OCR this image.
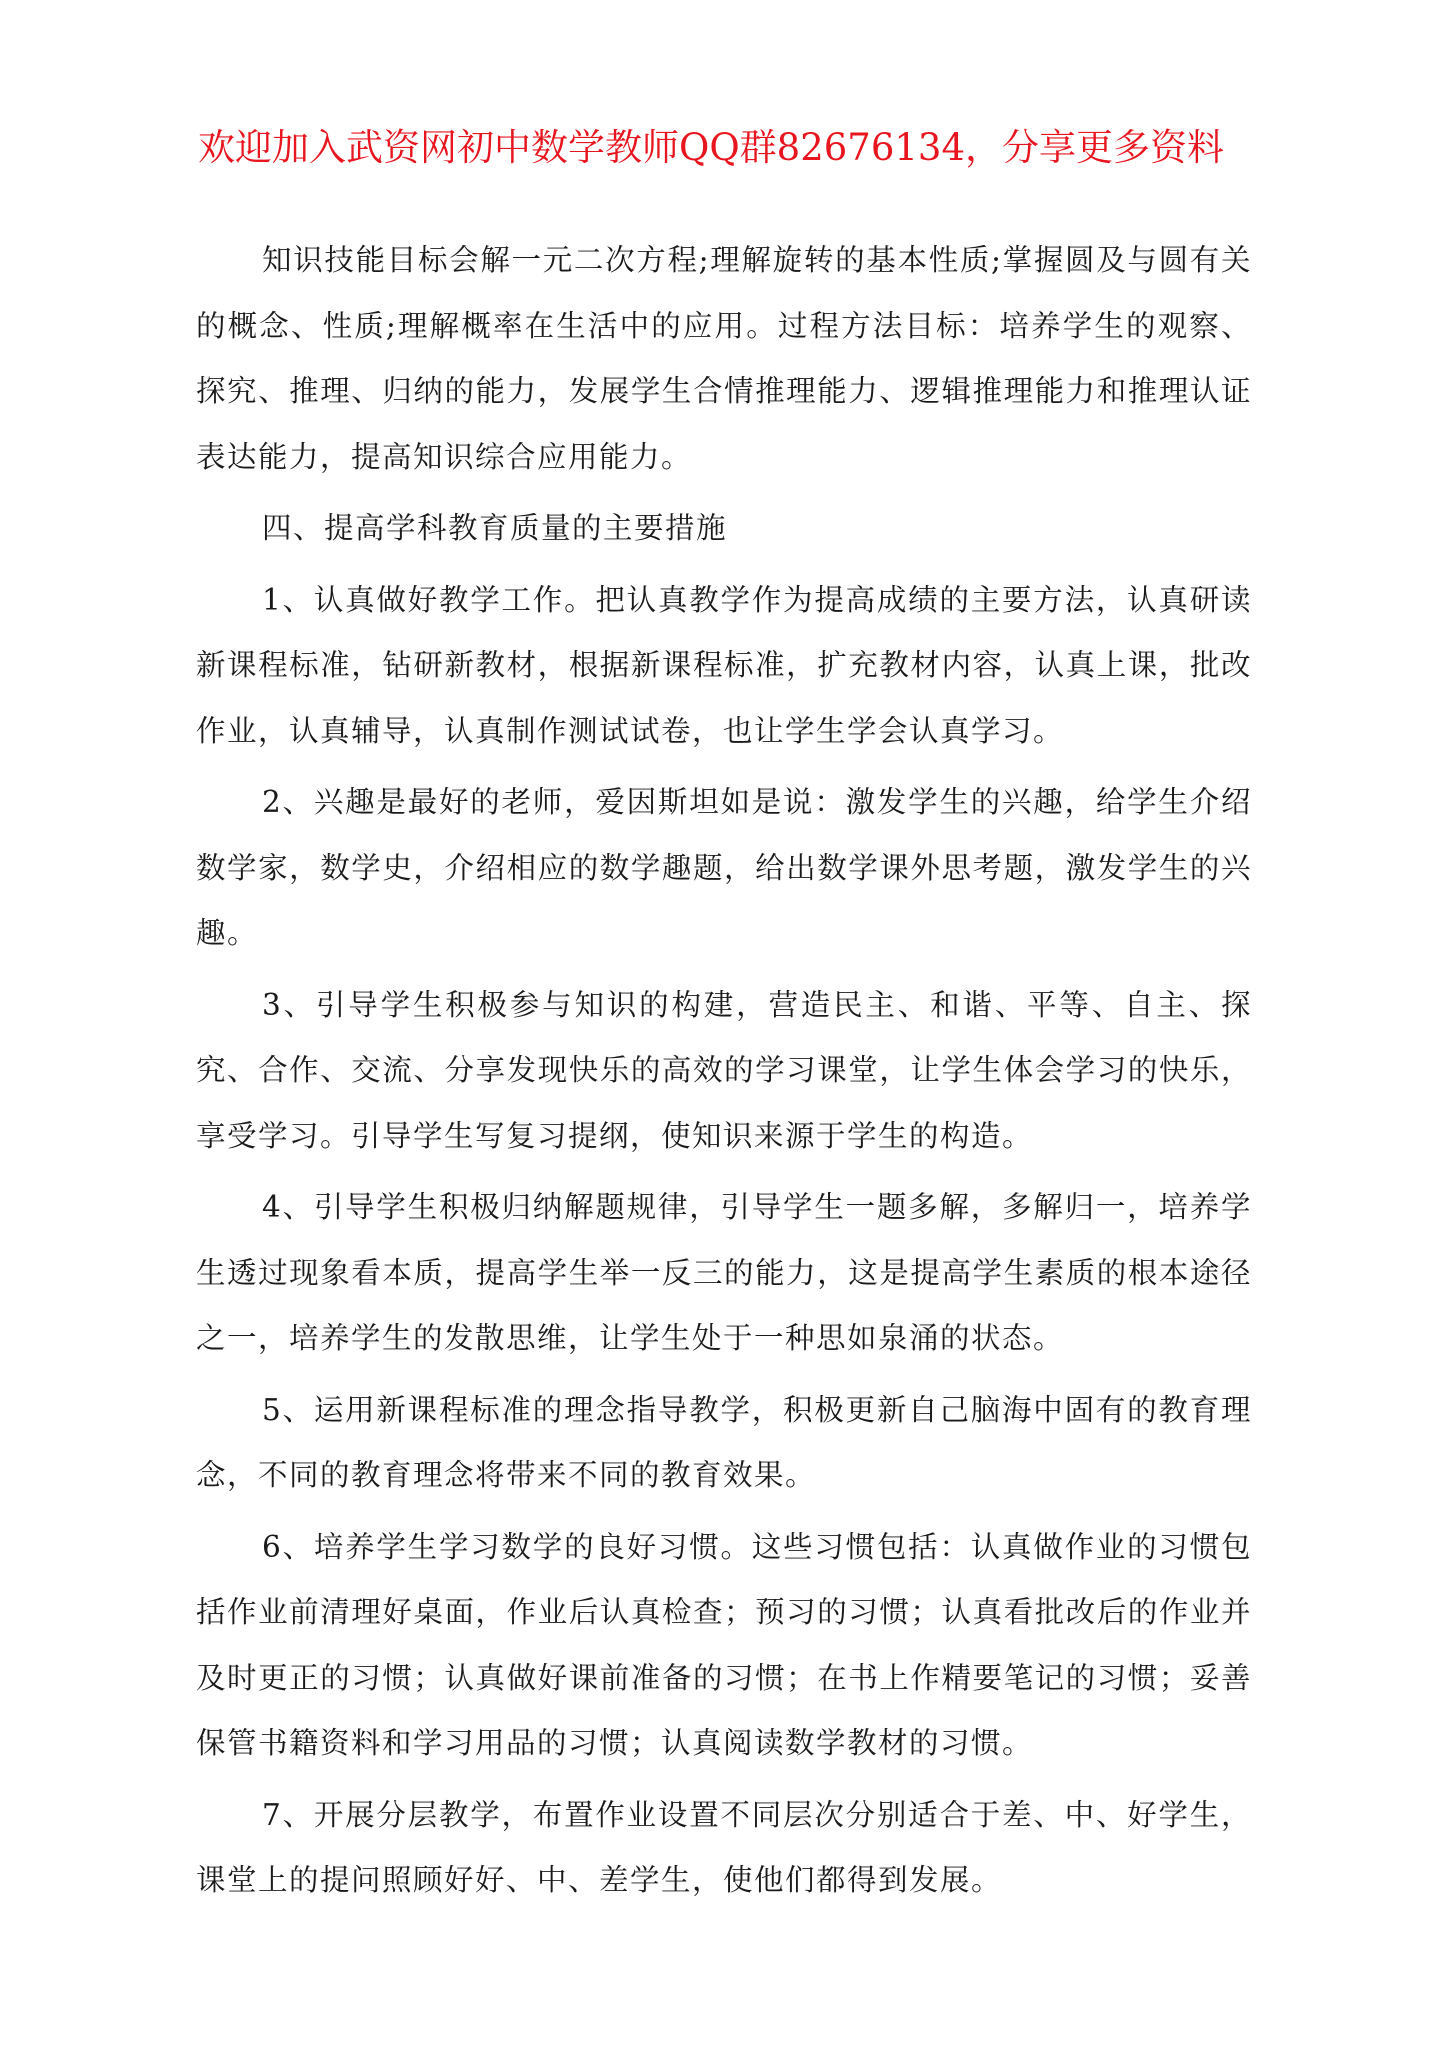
欢迎加入武资网初中数学教师QQ群82676134，分享更多资料

知识技能目标会解一元二次方程;理解旋转的基本性质;掌握圆及与圆有关的概念、性质;理解概率在生活中的应用。过程方法目标：培养学生的观察、探究、推理、归纳的能力，发展学生合情推理能力、逻辑推理能力和推理认证表达能力，提高知识综合应用能力。

四、提高学科教育质量的主要措施

1、认真做好教学工作。把认真教学作为提高成绩的主要方法，认真研读新课程标准，钻研新教材，根据新课程标准，扩充教材内容，认真上课，批改作业，认真辅导，认真制作测试试卷，也让学生学会认真学习。

2、兴趣是最好的老师，爱因斯坦如是说：激发学生的兴趣，给学生介绍数学家，数学史，介绍相应的数学趣题，给出数学课外思考题，激发学生的兴趣。

3、引导学生积极参与知识的构建，营造民主、和谐、平等、自主、探究、合作、交流、分享发现快乐的高效的学习课堂，让学生体会学习的快乐，享受学习。引导学生写复习提纲，使知识来源于学生的构造。

4、引导学生积极归纳解题规律，引导学生一题多解，多解归一，培养学生透过现象看本质，提高学生举一反三的能力，这是提高学生素质的根本途径之一，培养学生的发散思维，让学生处于一种思如泉涌的状态。

5、运用新课程标准的理念指导教学，积极更新自己脑海中固有的教育理念，不同的教育理念将带来不同的教育效果。

6、培养学生学习数学的良好习惯。这些习惯包括：认真做作业的习惯包括作业前清理好桌面，作业后认真检查；预习的习惯；认真看批改后的作业并及时更正的习惯；认真做好课前准备的习惯；在书上作精要笔记的习惯；妥善保管书籍资料和学习用品的习惯；认真阅读数学教材的习惯。

7、开展分层教学，布置作业设置不同层次分别适合于差、中、好学生，课堂上的提问照顾好好、中、差学生，使他们都得到发展。
